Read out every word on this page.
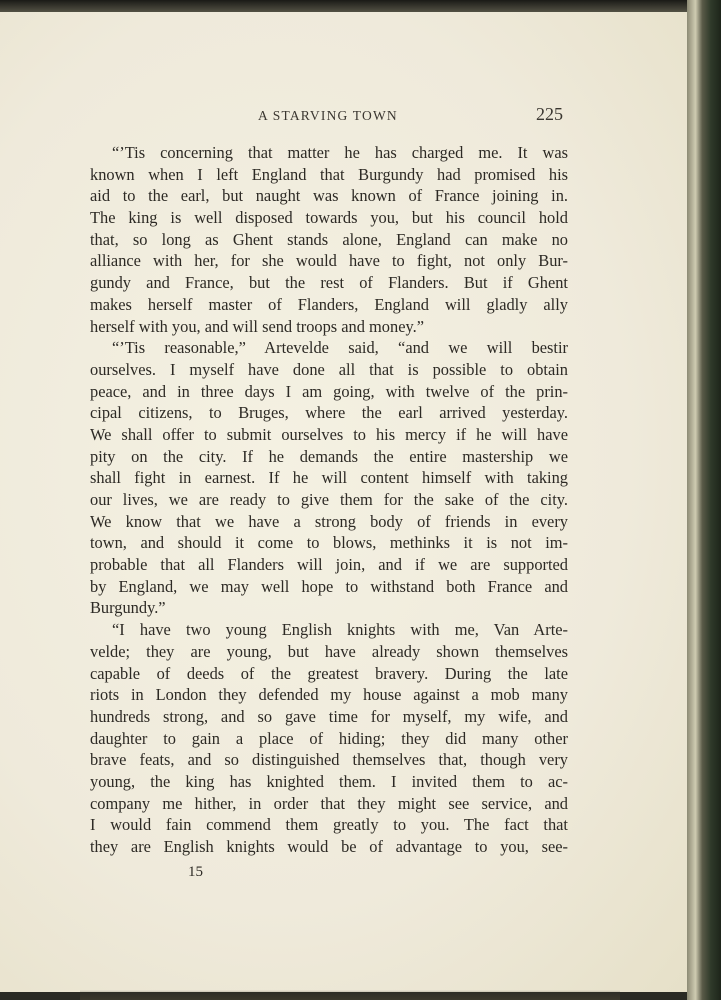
A STARVING TOWN	225
“’Tis concerning that matter he has charged me. It was
known when I left England that Burgundy had promised his
aid to the earl, but naught was known of France joining in.
The king is well disposed towards you, but his council hold
that, so long as Ghent stands alone, England can make no
alliance with her, for she would have to fight, not only Bur-
gundy and France, but the rest of Flanders. But if Ghent
makes herself master of Flanders, England will gladly ally
herself with you, and will send troops and money.”
“’Tis reasonable,” Artevelde said, “and we will bestir
ourselves. I myself have done all that is possible to obtain
peace, and in three days I am going, with twelve of the prin-
cipal citizens, to Bruges, where the earl arrived yesterday.
We shall offer to submit ourselves to his mercy if he will have
pity on the city. If he demands the entire mastership we
shall fight in earnest. If he will content himself with taking
our lives, we are ready to give them for the sake of the city.
We know that we have a strong body of friends in every
town, and should it come to blows, methinks it is not im-
probable that all Flanders will join, and if we are supported
by England, we may well hope to withstand both France and
Burgundy.”
“I have two young English knights with me, Van Arte-
velde; they are young, but have already shown themselves
capable of deeds of the greatest bravery. During the late
riots in London they defended my house against a mob many
hundreds strong, and so gave time for myself, my wife, and
daughter to gain a place of hiding; they did many other
brave feats, and so distinguished themselves that, though very
young, the king has knighted them. I invited them to ac-
company me hither, in order that they might see service, and
I would fain commend them greatly to you. The fact that
they are English knights would be of advantage to you, see-
15
